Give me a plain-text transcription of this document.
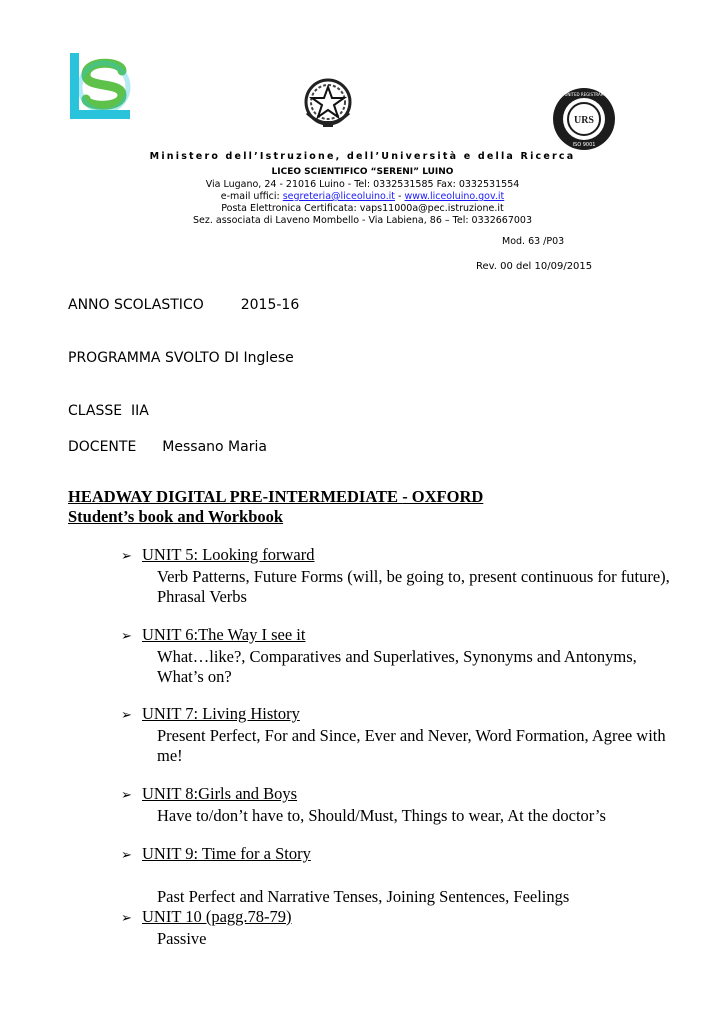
URS
ISO 9001
UNITED REGISTRAR
Ministero dell’Istruzione, dell’Università e della Ricerca
LICEO SCIENTIFICO “SERENI” LUINO
Via Lugano, 24 - 21016 Luino - Tel: 0332531585 Fax: 0332531554
e-mail uffici: segreteria@liceoluino.it - www.liceoluino.gov.it
Posta Elettronica Certificata: vaps11000a@pec.istruzione.it
Sez. associata di Laveno Mombello - Via Labiena, 86 – Tel: 0332667003
Mod. 63 /P03
Rev. 00 del 10/09/2015
ANNO SCOLASTICO	2015-16
PROGRAMMA SVOLTO DI Inglese
CLASSE IIA
DOCENTE Messano Maria
HEADWAY DIGITAL PRE-INTERMEDIATE - OXFORD
Student’s book and Workbook
➢ UNIT 5: Looking forward
Verb Patterns, Future Forms (will, be going to, present continuous for future), Phrasal Verbs
➢ UNIT 6:The Way I see it
What…like?, Comparatives and Superlatives, Synonyms and Antonyms, What’s on?
➢ UNIT 7: Living History
Present Perfect, For and Since, Ever and Never, Word Formation, Agree with me!
➢ UNIT 8:Girls and Boys
Have to/don’t have to, Should/Must, Things to wear, At the doctor’s
➢ UNIT 9: Time for a Story
Past Perfect and Narrative Tenses, Joining Sentences, Feelings
➢ UNIT 10 (pagg.78-79)
Passive
